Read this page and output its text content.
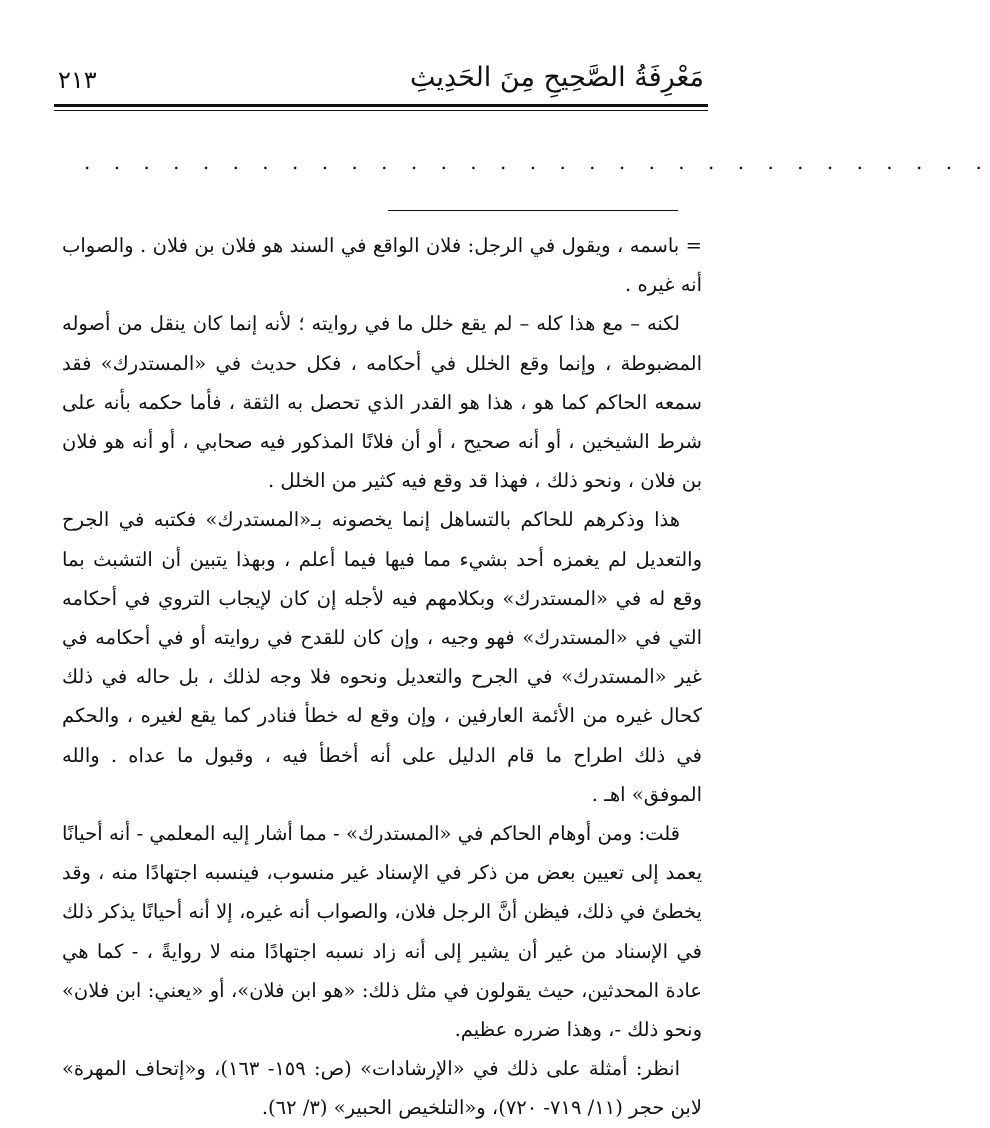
مَعْرِفَةُ الصَّحِيحِ مِنَ الحَدِيثِ
٢١٣
. . . . . . . . . . . . . . . . . . . . . . . . . . . . . . .

= باسمه ، ويقول في الرجل: فلان الواقع في السند هو فلان بن فلان . والصواب أنه غيره .

لكنه – مع هذا كله – لم يقع خلل ما في روايته ؛ لأنه إنما كان ينقل من أصوله المضبوطة ، وإنما وقع الخلل في أحكامه ، فكل حديث في «المستدرك» فقد سمعه الحاكم كما هو ، هذا هو القدر الذي تحصل به الثقة ، فأما حكمه بأنه على شرط الشيخين ، أو أنه صحيح ، أو أن فلانًا المذكور فيه صحابي ، أو أنه هو فلان بن فلان ، ونحو ذلك ، فهذا قد وقع فيه كثير من الخلل .

هذا وذكرهم للحاكم بالتساهل إنما يخصونه بـ«المستدرك» فكتبه في الجرح والتعديل لم يغمزه أحد بشيء مما فيها فيما أعلم ، وبهذا يتبين أن التشبث بما وقع له في «المستدرك» وبكلامهم فيه لأجله إن كان لإيجاب التروي في أحكامه التي في «المستدرك» فهو وجيه ، وإن كان للقدح في روايته أو في أحكامه في غير «المستدرك» في الجرح والتعديل ونحوه فلا وجه لذلك ، بل حاله في ذلك كحال غيره من الأئمة العارفين ، وإن وقع له خطأ فنادر كما يقع لغيره ، والحكم في ذلك اطراح ما قام الدليل على أنه أخطأ فيه ، وقبول ما عداه . والله الموفق» اهـ .

قلت: ومن أوهام الحاكم في «المستدرك» - مما أشار إليه المعلمي - أنه أحيانًا يعمد إلى تعيين بعض من ذكر في الإسناد غير منسوب، فينسبه اجتهادًا منه ، وقد يخطئ في ذلك، فيظن أنَّ الرجل فلان، والصواب أنه غيره، إلا أنه أحيانًا يذكر ذلك في الإسناد من غير أن يشير إلى أنه زاد نسبه اجتهادًا منه لا روايةً ، - كما هي عادة المحدثين، حيث يقولون في مثل ذلك: «هو ابن فلان»، أو «يعني: ابن فلان» ونحو ذلك -، وهذا ضرره عظيم.

انظر: أمثلة على ذلك في «الإرشادات» (ص: ١٥٩- ١٦٣)، و«إتحاف المهرة» لابن حجر (١١/ ٧١٩- ٧٢٠)، و«التلخيص الحبير» (٣/ ٦٢).
